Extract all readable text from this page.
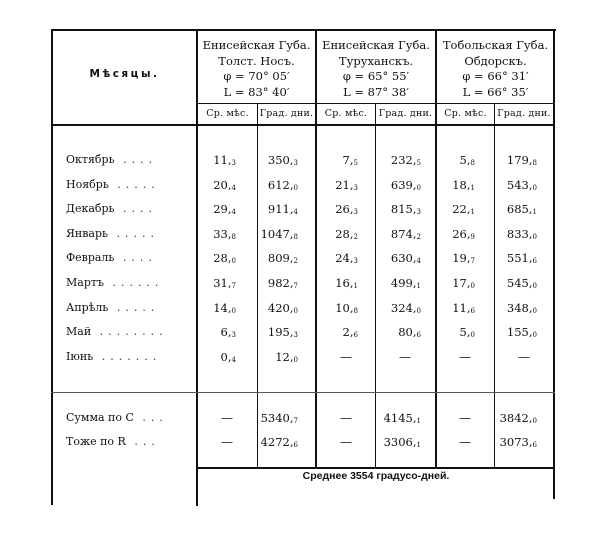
Мѣсяцы.
Енисейская Губа.
Толст. Носъ.
φ = 70° 05′
L = 83° 40′
Енисейская Губа.
Туруханскъ.
φ = 65° 55′
L = 87° 38′
Тобольская Губа.
Обдорскъ.
φ = 66° 31′
L = 66° 35′
Ср. мѣс.	Град. дни.	Ср. мѣс.	Град. дни.	Ср. мѣс.	Град. дни.
Октябрь ....	$11,_3$	$350,_3$	$7,_5$	$232,_5$	$5,_8$	$179,_8$
Ноябрь .....	$20,_4$	$612,_0$	$21,_3$	$639,_0$	$18,_1$	$543,_0$
Декабрь ....	$29,_4$	$911,_4$	$26,_3$	$815,_3$	$22,_1$	$685,_1$
Январь .....	$33,_8$ $1047,_8$	$28,_2$	$874,_2$	$26,_9$	$833,_0$
Февраль ....	$28,_0$	$809,_2$	$24,_3$	$630,_4$	$19,_7$	$551,_6$
Мартъ ......	$31,_7$	$982,_7$	$16,_1$	$499,_1$	$17,_0$	$545,_0$
Апрѣль .....	$14,_0$	$420,_0$	$10,_8$	$324,_0$	$11,_6$	$348,_0$
Май ........	$6,_3$	$195,_3$	$2,_6$	$80,_6$	$5,_0$	$155,_0$
Іюнь .......	$0,_4$	$12,_0$	—	—	—	—
Сумма по C ...	—	$5340,_7$	—	$4145,_1$	—	$3842,_0$
Тоже по R ...	—	$4272,_6$	—	$3306,_1$	—	$3073,_6$
Среднее 3554 градусо-дней.
